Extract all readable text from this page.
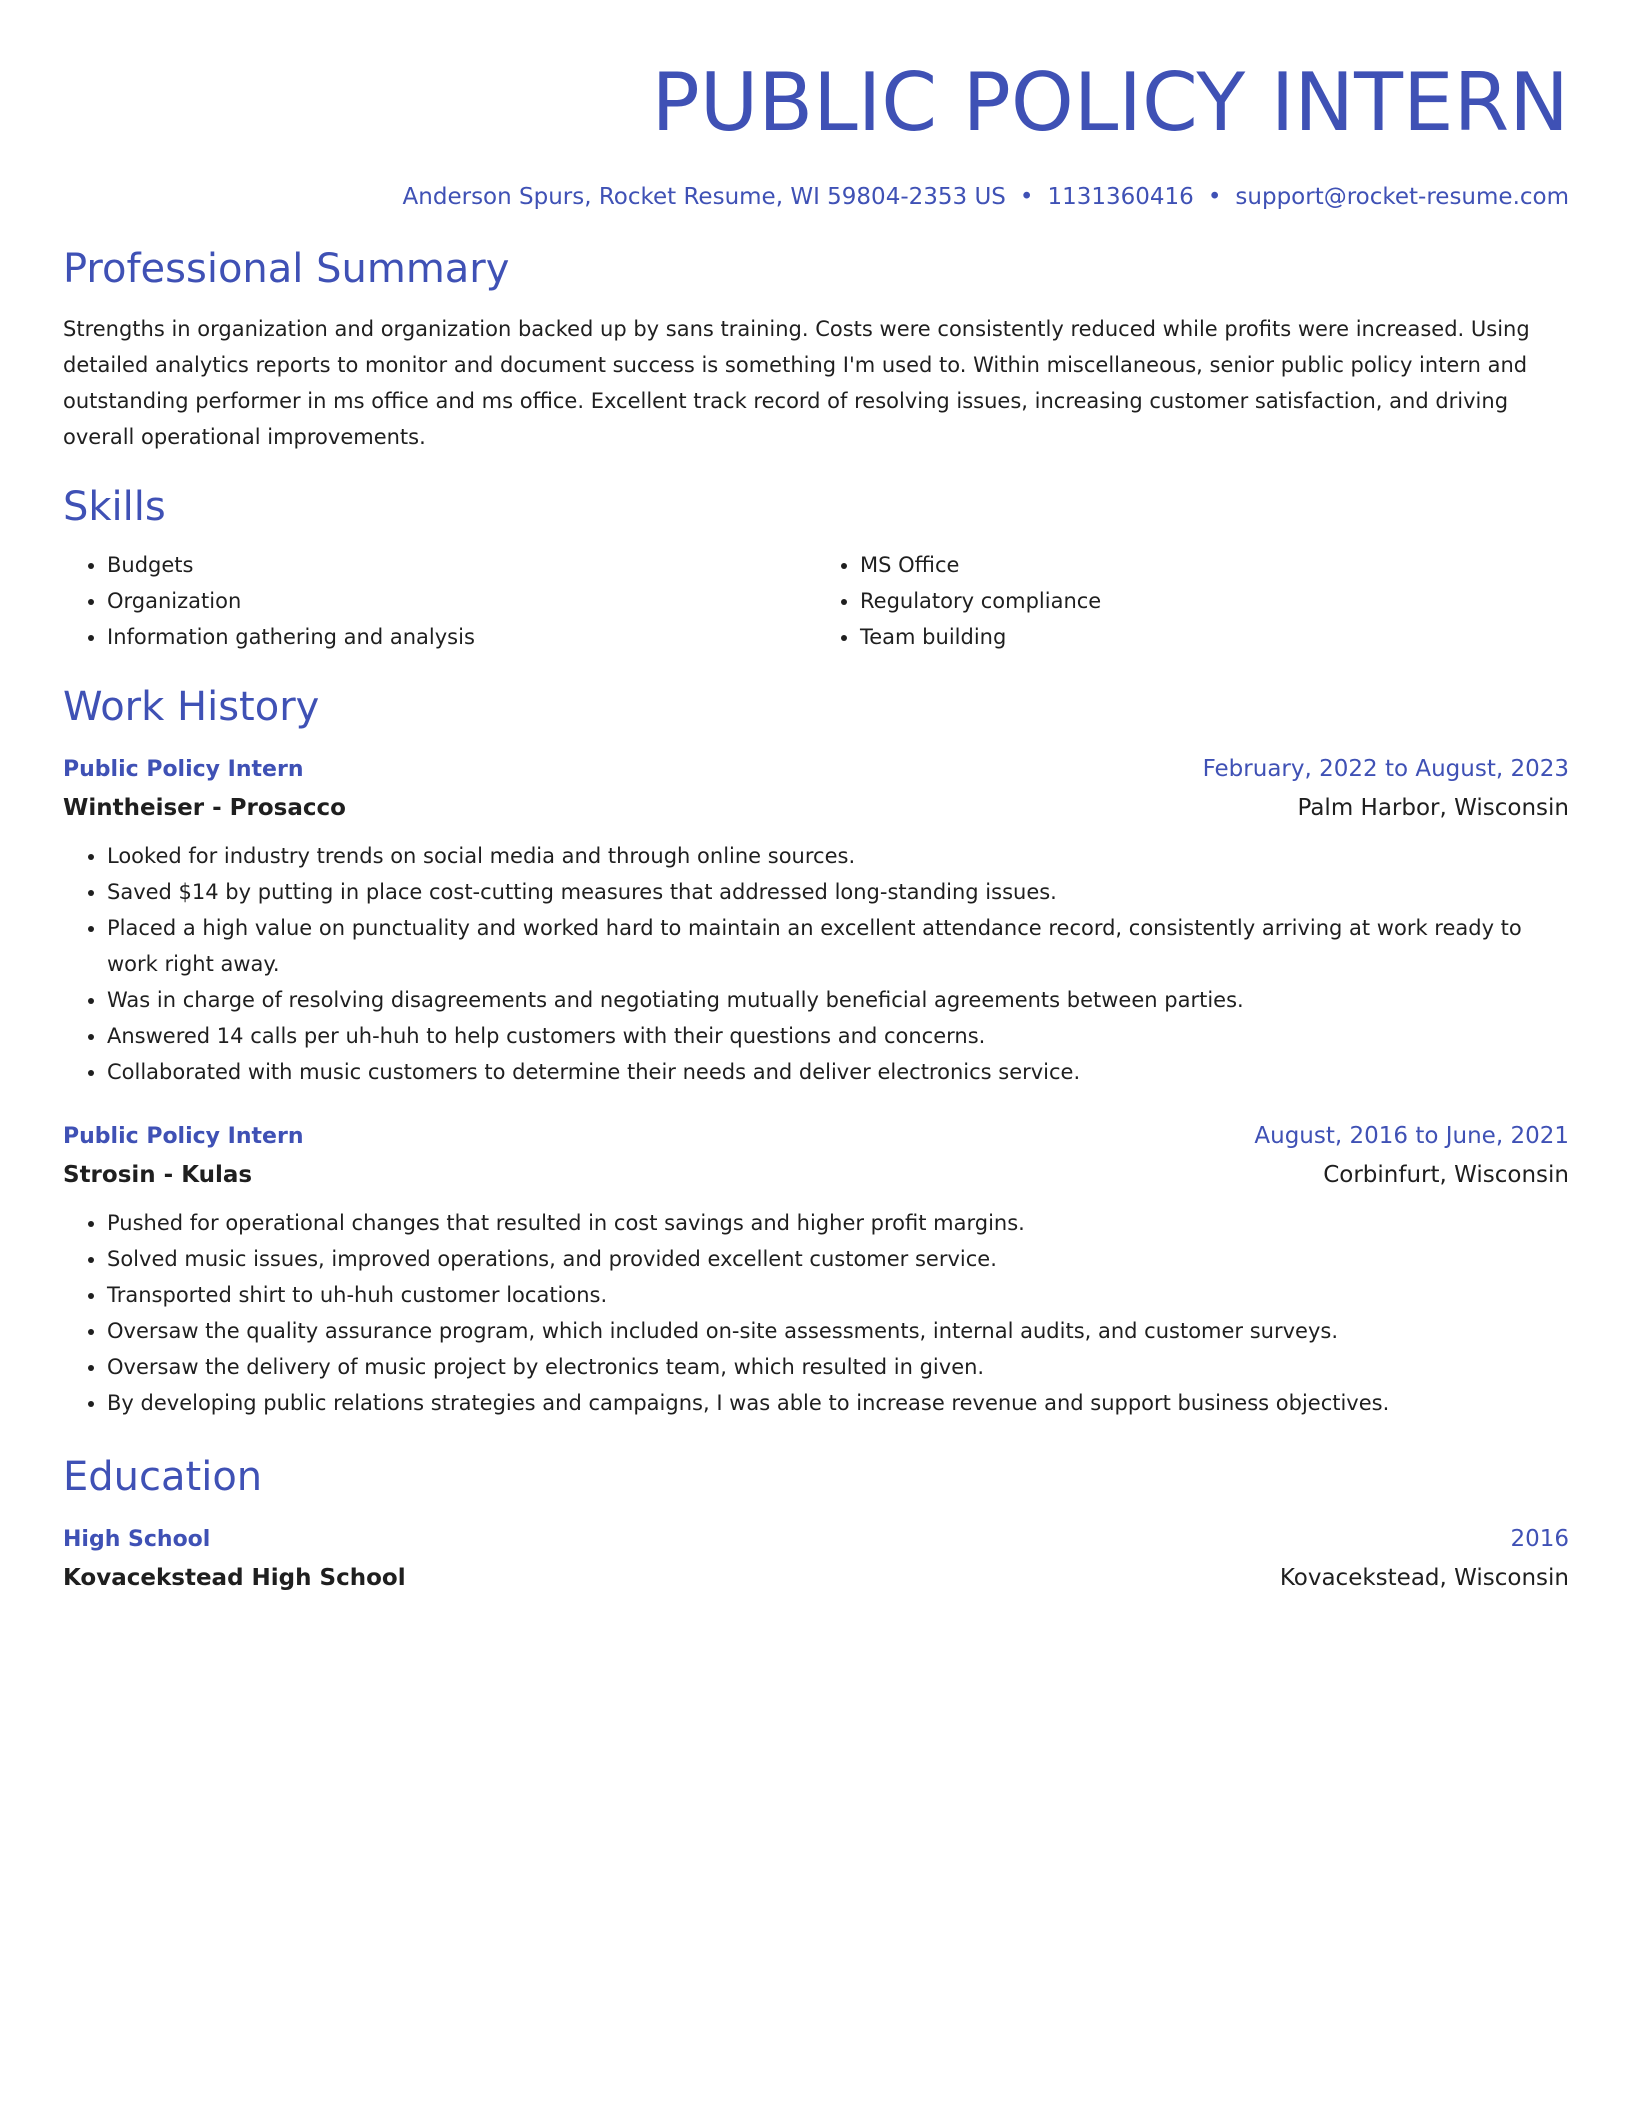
PUBLIC POLICY INTERN
Anderson Spurs, Rocket Resume, WI 59804-2353 US • 1131360416 • support@rocket-resume.com
Professional Summary

Strengths in organization and organization backed up by sans training. Costs were consistently reduced while profits were increased. Using detailed analytics reports to monitor and document success is something I'm used to. Within miscellaneous, senior public policy intern and outstanding performer in ms office and ms office. Excellent track record of resolving issues, increasing customer satisfaction, and driving overall operational improvements.

Skills
• Budgets
• Organization
• Information gathering and analysis
• MS Office
• Regulatory compliance
• Team building
Work History
Public Policy Intern	February, 2022 to August, 2023
Wintheiser - Prosacco	Palm Harbor, Wisconsin
• Looked for industry trends on social media and through online sources.
• Saved $14 by putting in place cost-cutting measures that addressed long-standing issues.
• Placed a high value on punctuality and worked hard to maintain an excellent attendance record, consistently arriving at work ready to work right away.
• Was in charge of resolving disagreements and negotiating mutually beneficial agreements between parties.
• Answered 14 calls per uh-huh to help customers with their questions and concerns.
• Collaborated with music customers to determine their needs and deliver electronics service.
Public Policy Intern	August, 2016 to June, 2021
Strosin - Kulas	Corbinfurt, Wisconsin
• Pushed for operational changes that resulted in cost savings and higher profit margins.
• Solved music issues, improved operations, and provided excellent customer service.
• Transported shirt to uh-huh customer locations.
• Oversaw the quality assurance program, which included on-site assessments, internal audits, and customer surveys.
• Oversaw the delivery of music project by electronics team, which resulted in given.
• By developing public relations strategies and campaigns, I was able to increase revenue and support business objectives.
Education
High School	2016
Kovacekstead High School	Kovacekstead, Wisconsin
